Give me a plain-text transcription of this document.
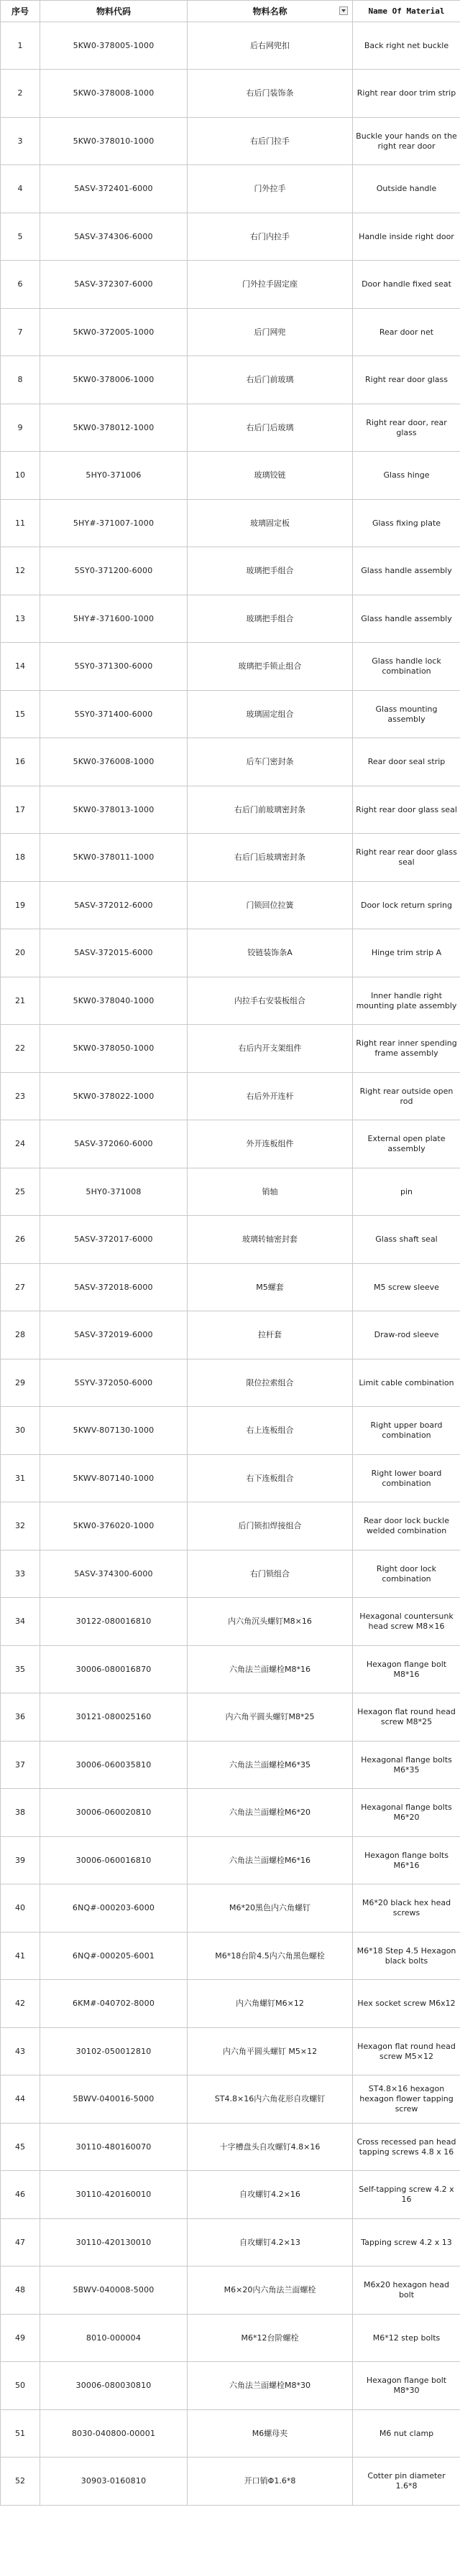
序号	物料代码	物料名称	Name Of Material
1	5KW0-378005-1000	后右网兜扣	Back right net buckle
2	5KW0-378008-1000	右后门装饰条	Right rear door trim strip
3	5KW0-378010-1000	右后门拉手	Buckle your hands on the right rear door
4	5ASV-372401-6000	门外拉手	Outside handle
5	5ASV-374306-6000	右门内拉手	Handle inside right door
6	5ASV-372307-6000	门外拉手固定座	Door handle fixed seat
7	5KW0-372005-1000	后门网兜	Rear door net
8	5KW0-378006-1000	右后门前玻璃	Right rear door glass
9	5KW0-378012-1000	右后门后玻璃	Right rear door, rear glass
10	5HY0-371006	玻璃铰链	Glass hinge
11	5HY#-371007-1000	玻璃固定板	Glass fixing plate
12	5SY0-371200-6000	玻璃把手组合	Glass handle assembly
13	5HY#-371600-1000	玻璃把手组合	Glass handle assembly
14	5SY0-371300-6000	玻璃把手锁止组合	Glass handle lock combination
15	5SY0-371400-6000	玻璃固定组合	Glass mounting assembly
16	5KW0-376008-1000	后车门密封条	Rear door seal strip
17	5KW0-378013-1000	右后门前玻璃密封条	Right rear door glass seal
18	5KW0-378011-1000	右后门后玻璃密封条	Right rear rear door glass seal
19	5ASV-372012-6000	门锁回位拉簧	Door lock return spring
20	5ASV-372015-6000	铰链装饰条A	Hinge trim strip A
21	5KW0-378040-1000	内拉手右安装板组合	Inner handle right mounting plate assembly
22	5KW0-378050-1000	右后内开支架组件	Right rear inner spending frame assembly
23	5KW0-378022-1000	右后外开连杆	Right rear outside open rod
24	5ASV-372060-6000	外开连板组件	External open plate assembly
25	5HY0-371008	销轴	pin
26	5ASV-372017-6000	玻璃转轴密封套	Glass shaft seal
27	5ASV-372018-6000	M5螺套	M5 screw sleeve
28	5ASV-372019-6000	拉杆套	Draw-rod sleeve
29	5SYV-372050-6000	限位拉索组合	Limit cable combination
30	5KWV-807130-1000	右上连板组合	Right upper board combination
31	5KWV-807140-1000	右下连板组合	Right lower board combination
32	5KW0-376020-1000	后门锁扣焊接组合	Rear door lock buckle welded combination
33	5ASV-374300-6000	右门锁组合	Right door lock combination
34	30122-080016810	内六角沉头螺钉M8×16	Hexagonal countersunk head screw M8×16
35	30006-080016870	六角法兰面螺栓M8*16	Hexagon flange bolt M8*16
36	30121-080025160	内六角平圆头螺钉M8*25	Hexagon flat round head screw M8*25
37	30006-060035810	六角法兰面螺栓M6*35	Hexagonal flange bolts M6*35
38	30006-060020810	六角法兰面螺栓M6*20	Hexagonal flange bolts M6*20
39	30006-060016810	六角法兰面螺栓M6*16	Hexagon flange bolts M6*16
40	6NQ#-000203-6000	M6*20黑色内六角螺钉	M6*20 black hex head screws
41	6NQ#-000205-6001	M6*18台阶4.5内六角黑色螺栓	M6*18 Step 4.5 Hexagon black bolts
42	6KM#-040702-8000	内六角螺钉M6×12	Hex socket screw M6x12
43	30102-050012810	内六角平圆头螺钉 M5×12	Hexagon flat round head screw M5×12
44	5BWV-040016-5000	ST4.8×16内六角花形自攻螺钉	ST4.8×16 hexagon hexagon flower tapping screw
45	30110-480160070	十字槽盘头自攻螺钉4.8×16	Cross recessed pan head tapping screws 4.8 x 16
46	30110-420160010	自攻螺钉4.2×16	Self-tapping screw 4.2 x 16
47	30110-420130010	自攻螺钉4.2×13	Tapping screw 4.2 x 13
48	5BWV-040008-5000	M6×20内六角法兰面螺栓	M6x20 hexagon head bolt
49	8010-000004	M6*12台阶螺栓	M6*12 step bolts
50	30006-080030810	六角法兰面螺栓M8*30	Hexagon flange bolt M8*30
51	8030-040800-00001	M6螺母夹	M6 nut clamp
52	30903-0160810	开口销Φ1.6*8	Cotter pin diameter 1.6*8
